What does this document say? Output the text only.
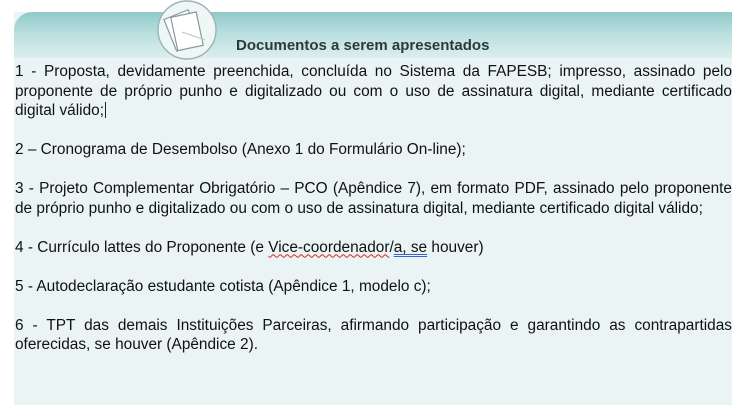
Documentos a serem apresentados

1 - Proposta, devidamente preenchida, concluída no Sistema da FAPESB; impresso, assinado pelo proponente de próprio punho e digitalizado ou com o uso de assinatura digital, mediante certificado digital válido;

2 – Cronograma de Desembolso (Anexo 1 do Formulário On-line);

3 - Projeto Complementar Obrigatório – PCO (Apêndice 7), em formato PDF, assinado pelo proponente de próprio punho e digitalizado ou com o uso de assinatura digital, mediante certificado digital válido;

4 - Currículo lattes do Proponente (e Vice-coordenador/a, se houver)

5 - Autodeclaração estudante cotista (Apêndice 1, modelo c);

6 - TPT das demais Instituições Parceiras, afirmando participação e garantindo as contrapartidas oferecidas, se houver (Apêndice 2).
